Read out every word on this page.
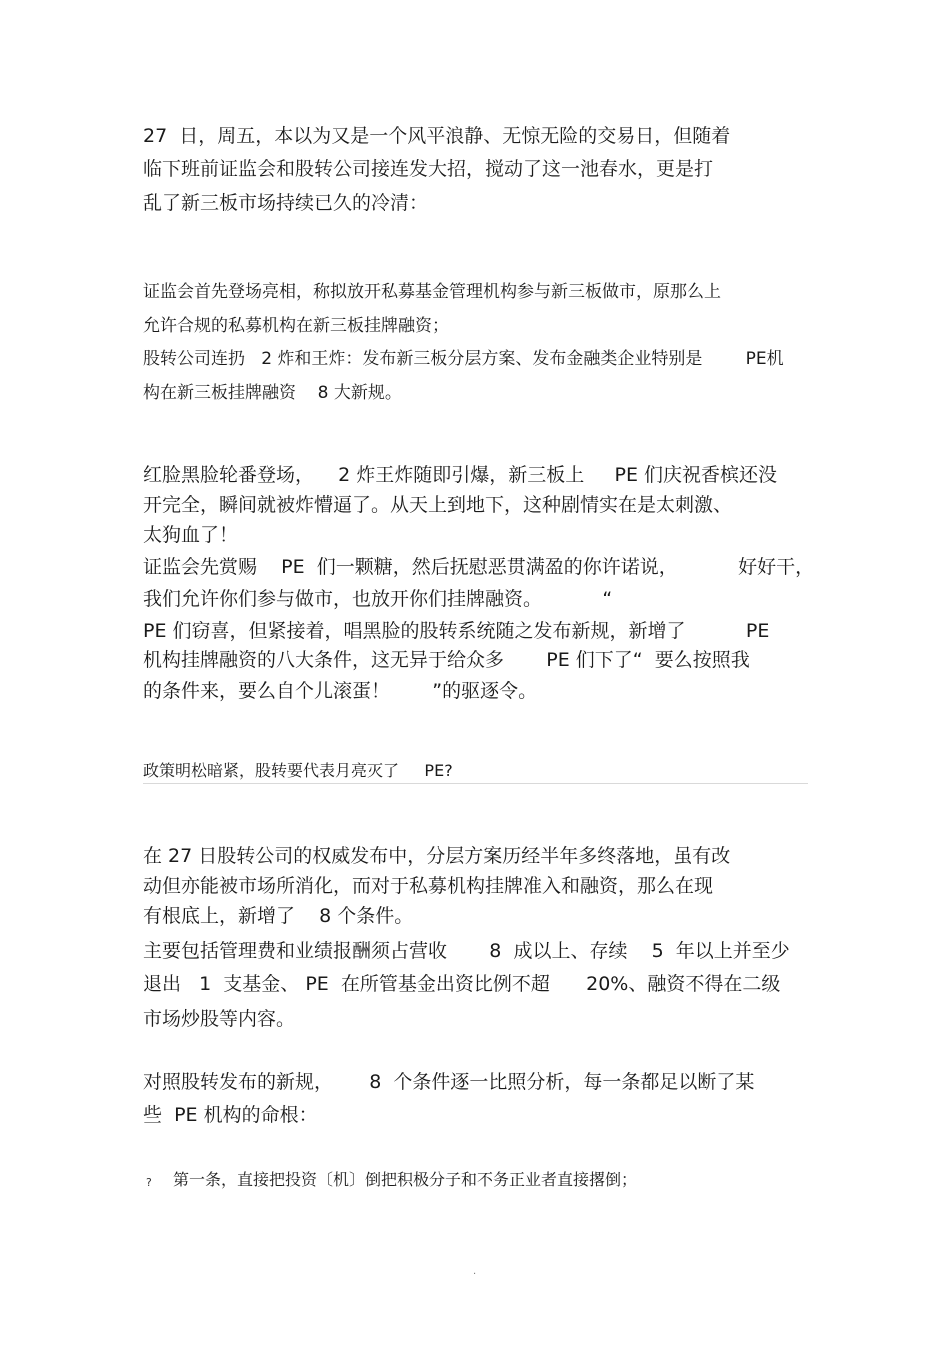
27  日，周五，本以为又是一个风平浪静、无惊无险的交易日，但随着
临下班前证监会和股转公司接连发大招，搅动了这一池春水，更是打
乱了新三板市场持续已久的冷清：
证监会首先登场亮相，称拟放开私募基金管理机构参与新三板做市，原那么上
允许合规的私募机构在新三板挂牌融资；
股转公司连扔   2 炸和王炸：发布新三板分层方案、发布金融类企业特别是        PE机
构在新三板挂牌融资    8 大新规。
红脸黑脸轮番登场，    2 炸王炸随即引爆，新三板上     PE 们庆祝香槟还没
开完全，瞬间就被炸懵逼了。从天上到地下，这种剧情实在是太刺激、
太狗血了！
证监会先赏赐    PE  们一颗糖，然后抚慰恶贯满盈的你许诺说，          好好干，
我们允许你们参与做市，也放开你们挂牌融资。          “
PE 们窃喜，但紧接着，唱黑脸的股转系统随之发布新规，新增了          PE
机构挂牌融资的八大条件，这无异于给众多       PE 们下了“  要么按照我
的条件来，要么自个儿滚蛋！       ”的驱逐令。
政策明松暗紧，股转要代表月亮灭了     PE?
在 27 日股转公司的权威发布中，分层方案历经半年多终落地，虽有改
动但亦能被市场所消化，而对于私募机构挂牌准入和融资，那么在现
有根底上，新增了    8 个条件。
主要包括管理费和业绩报酬须占营收       8  成以上、存续    5  年以上并至少
退出   1  支基金、 PE  在所管基金出资比例不超      20%、融资不得在二级
市场炒股等内容。
对照股转发布的新规，      8  个条件逐一比照分析，每一条都足以断了某
些  PE 机构的命根：
? 第一条，直接把投资〔机〕倒把积极分子和不务正业者直接撂倒；
.
